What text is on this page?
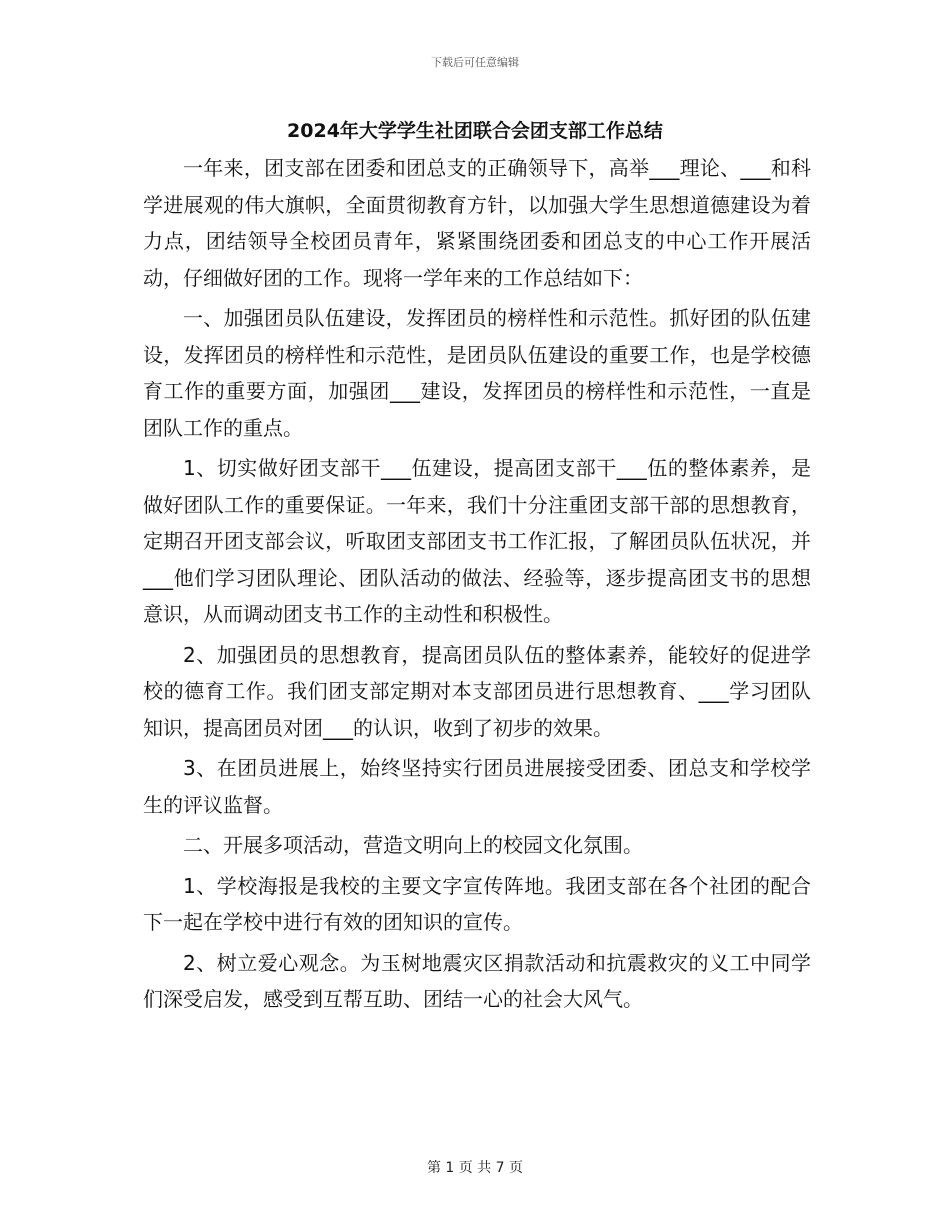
下载后可任意编辑
2024年大学学生社团联合会团支部工作总结

一年来，团支部在团委和团总支的正确领导下，高举___理论、___和科学进展观的伟大旗帜，全面贯彻教育方针，以加强大学生思想道德建设为着力点，团结领导全校团员青年，紧紧围绕团委和团总支的中心工作开展活动，仔细做好团的工作。现将一学年来的工作总结如下：

一、加强团员队伍建设，发挥团员的榜样性和示范性。抓好团的队伍建设，发挥团员的榜样性和示范性，是团员队伍建设的重要工作，也是学校德育工作的重要方面，加强团___建设，发挥团员的榜样性和示范性，一直是团队工作的重点。

1、切实做好团支部干___伍建设，提高团支部干___伍的整体素养，是做好团队工作的重要保证。一年来，我们十分注重团支部干部的思想教育，定期召开团支部会议，听取团支部团支书工作汇报，了解团员队伍状况，并___他们学习团队理论、团队活动的做法、经验等，逐步提高团支书的思想意识，从而调动团支书工作的主动性和积极性。

2、加强团员的思想教育，提高团员队伍的整体素养，能较好的促进学校的德育工作。我们团支部定期对本支部团员进行思想教育、___学习团队知识，提高团员对团___的认识，收到了初步的效果。

3、在团员进展上，始终坚持实行团员进展接受团委、团总支和学校学生的评议监督。

二、开展多项活动，营造文明向上的校园文化氛围。

1、学校海报是我校的主要文字宣传阵地。我团支部在各个社团的配合下一起在学校中进行有效的团知识的宣传。

2、树立爱心观念。为玉树地震灾区捐款活动和抗震救灾的义工中同学们深受启发，感受到互帮互助、团结一心的社会大风气。

第 1 页 共 7 页
